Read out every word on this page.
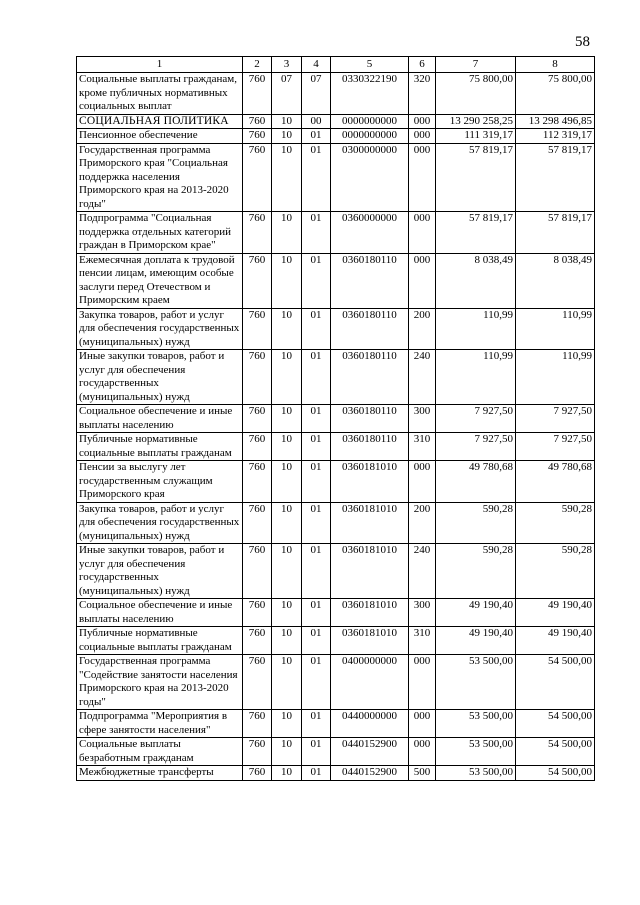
58
1	2	3	4	5	6	7	8
Социальные выплаты гражданам, кроме публичных нормативных социальных выплат	760	07	07	0330322190	320	75 800,00	75 800,00
СОЦИАЛЬНАЯ ПОЛИТИКА	760	10	00	0000000000	000	13 290 258,25	13 298 496,85
Пенсионное обеспечение	760	10	01	0000000000	000	111 319,17	112 319,17
Государственная программа Приморского края "Социальная поддержка населения Приморского края на 2013-2020 годы"	760	10	01	0300000000	000	57 819,17	57 819,17
Подпрограмма "Социальная поддержка отдельных категорий граждан в Приморском крае"	760	10	01	0360000000	000	57 819,17	57 819,17
Ежемесячная доплата к трудовой пенсии лицам, имеющим особые заслуги перед Отечеством и Приморским краем	760	10	01	0360180110	000	8 038,49	8 038,49
Закупка товаров, работ и услуг для обеспечения государственных (муниципальных) нужд	760	10	01	0360180110	200	110,99	110,99
Иные закупки товаров, работ и услуг для обеспечения государственных (муниципальных) нужд	760	10	01	0360180110	240	110,99	110,99
Социальное обеспечение и иные выплаты населению	760	10	01	0360180110	300	7 927,50	7 927,50
Публичные нормативные социальные выплаты гражданам	760	10	01	0360180110	310	7 927,50	7 927,50
Пенсии за выслугу лет государственным служащим Приморского края	760	10	01	0360181010	000	49 780,68	49 780,68
Закупка товаров, работ и услуг для обеспечения государственных (муниципальных) нужд	760	10	01	0360181010	200	590,28	590,28
Иные закупки товаров, работ и услуг для обеспечения государственных (муниципальных) нужд	760	10	01	0360181010	240	590,28	590,28
Социальное обеспечение и иные выплаты населению	760	10	01	0360181010	300	49 190,40	49 190,40
Публичные нормативные социальные выплаты гражданам	760	10	01	0360181010	310	49 190,40	49 190,40
Государственная программа "Содействие занятости населения Приморского края на 2013-2020 годы"	760	10	01	0400000000	000	53 500,00	54 500,00
Подпрограмма "Мероприятия в сфере занятости населения"	760	10	01	0440000000	000	53 500,00	54 500,00
Социальные выплаты безработным гражданам	760	10	01	0440152900	000	53 500,00	54 500,00
Межбюджетные трансферты	760	10	01	0440152900	500	53 500,00	54 500,00
